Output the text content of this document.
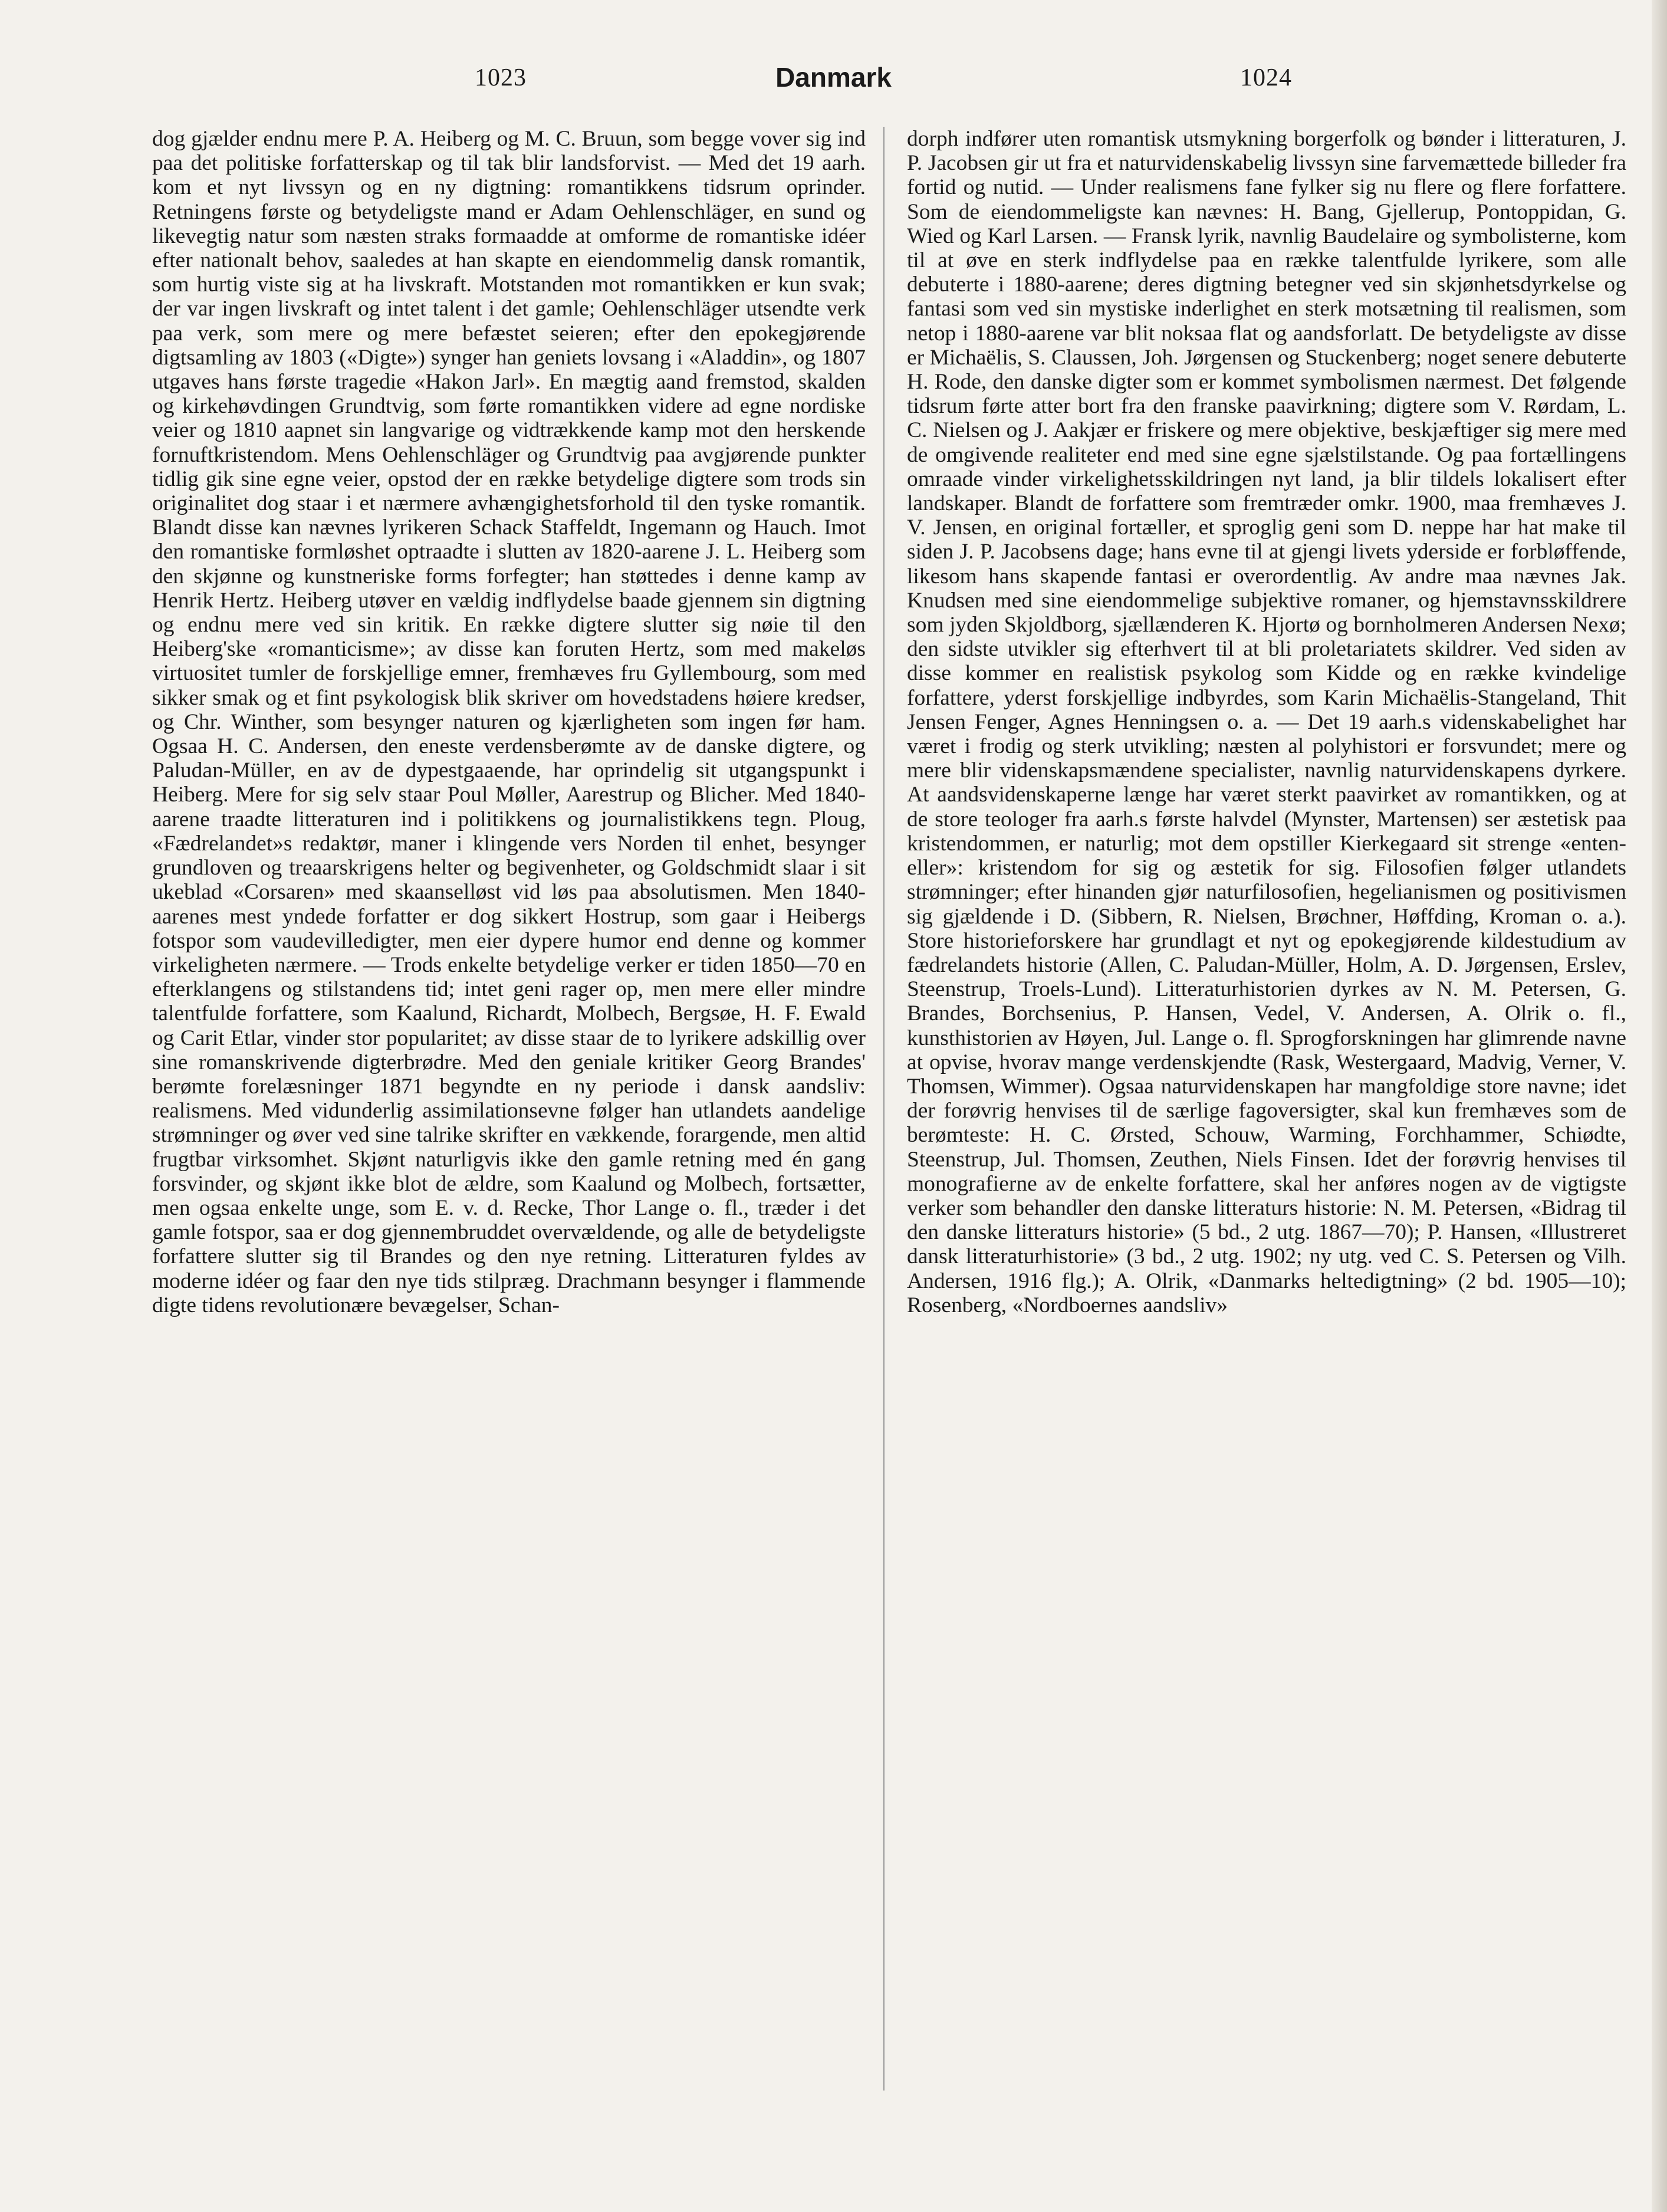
1023	Danmark	1024

dog gjælder endnu mere P. A. Heiberg og M. C. Bruun, som begge vover sig ind paa det politiske forfatterskap og til tak blir landsforvist. — Med det 19 aarh. kom et nyt livssyn og en ny digtning: romantikkens tidsrum oprinder. Retningens første og betydeligste mand er Adam Oehlenschläger, en sund og likevegtig natur som næsten straks formaadde at omforme de romantiske idéer efter nationalt behov, saaledes at han skapte en eiendommelig dansk romantik, som hurtig viste sig at ha livskraft. Motstanden mot romantikken er kun svak; der var ingen livskraft og intet talent i det gamle; Oehlenschläger utsendte verk paa verk, som mere og mere befæstet seieren; efter den epokegjørende digtsamling av 1803 («Digte») synger han geniets lovsang i «Aladdin», og 1807 utgaves hans første tragedie «Hakon Jarl». En mægtig aand fremstod, skalden og kirkehøvdingen Grundtvig, som førte romantikken videre ad egne nordiske veier og 1810 aapnet sin langvarige og vidtrækkende kamp mot den herskende fornuftkristendom. Mens Oehlenschläger og Grundtvig paa avgjørende punkter tidlig gik sine egne veier, opstod der en række betydelige digtere som trods sin originalitet dog staar i et nærmere avhængighetsforhold til den tyske romantik. Blandt disse kan nævnes lyrikeren Schack Staffeldt, Ingemann og Hauch. Imot den romantiske formløshet optraadte i slutten av 1820-aarene J. L. Heiberg som den skjønne og kunstneriske forms forfegter; han støttedes i denne kamp av Henrik Hertz. Heiberg utøver en vældig indflydelse baade gjennem sin digtning og endnu mere ved sin kritik. En række digtere slutter sig nøie til den Heiberg'ske «romanticisme»; av disse kan foruten Hertz, som med makeløs virtuositet tumler de forskjellige emner, fremhæves fru Gyllembourg, som med sikker smak og et fint psykologisk blik skriver om hovedstadens høiere kredser, og Chr. Winther, som besynger naturen og kjærligheten som ingen før ham. Ogsaa H. C. Andersen, den eneste verdensberømte av de danske digtere, og Paludan-Müller, en av de dypestgaaende, har oprindelig sit utgangspunkt i Heiberg. Mere for sig selv staar Poul Møller, Aarestrup og Blicher. Med 1840-aarene traadte litteraturen ind i politikkens og journalistikkens tegn. Ploug, «Fædrelandet»s redaktør, maner i klingende vers Norden til enhet, besynger grundloven og treaarskrigens helter og begivenheter, og Goldschmidt slaar i sit ukeblad «Corsaren» med skaanselløst vid løs paa absolutismen. Men 1840-aarenes mest yndede forfatter er dog sikkert Hostrup, som gaar i Heibergs fotspor som vaudevilledigter, men eier dypere humor end denne og kommer virkeligheten nærmere. — Trods enkelte betydelige verker er tiden 1850—70 en efterklangens og stilstandens tid; intet geni rager op, men mere eller mindre talentfulde forfattere, som Kaalund, Richardt, Molbech, Bergsøe, H. F. Ewald og Carit Etlar, vinder stor popularitet; av disse staar de to lyrikere adskillig over sine romanskrivende digterbrødre. Med den geniale kritiker Georg Brandes' berømte forelæsninger 1871 begyndte en ny periode i dansk aandsliv: realismens. Med vidunderlig assimilationsevne følger han utlandets aandelige strømninger og øver ved sine talrike skrifter en vækkende, forargende, men altid frugtbar virksomhet. Skjønt naturligvis ikke den gamle retning med én gang forsvinder, og skjønt ikke blot de ældre, som Kaalund og Molbech, fortsætter, men ogsaa enkelte unge, som E. v. d. Recke, Thor Lange o. fl., træder i det gamle fotspor, saa er dog gjennembruddet overvældende, og alle de betydeligste forfattere slutter sig til Brandes og den nye retning. Litteraturen fyldes av moderne idéer og faar den nye tids stilpræg. Drachmann besynger i flammende digte tidens revolutionære bevægelser, Schan-

dorph indfører uten romantisk utsmykning borgerfolk og bønder i litteraturen, J. P. Jacobsen gir ut fra et naturvidenskabelig livssyn sine farvemættede billeder fra fortid og nutid. — Under realismens fane fylker sig nu flere og flere forfattere. Som de eiendommeligste kan nævnes: H. Bang, Gjellerup, Pontoppidan, G. Wied og Karl Larsen. — Fransk lyrik, navnlig Baudelaire og symbolisterne, kom til at øve en sterk indflydelse paa en række talentfulde lyrikere, som alle debuterte i 1880-aarene; deres digtning betegner ved sin skjønhetsdyrkelse og fantasi som ved sin mystiske inderlighet en sterk motsætning til realismen, som netop i 1880-aarene var blit noksaa flat og aandsforlatt. De betydeligste av disse er Michaëlis, S. Claussen, Joh. Jørgensen og Stuckenberg; noget senere debuterte H. Rode, den danske digter som er kommet symbolismen nærmest. Det følgende tidsrum førte atter bort fra den franske paavirkning; digtere som V. Rørdam, L. C. Nielsen og J. Aakjær er friskere og mere objektive, beskjæftiger sig mere med de omgivende realiteter end med sine egne sjælstilstande. Og paa fortællingens omraade vinder virkelighetsskildringen nyt land, ja blir tildels lokalisert efter landskaper. Blandt de forfattere som fremtræder omkr. 1900, maa fremhæves J. V. Jensen, en original fortæller, et sproglig geni som D. neppe har hat make til siden J. P. Jacobsens dage; hans evne til at gjengi livets yderside er forbløffende, likesom hans skapende fantasi er overordentlig. Av andre maa nævnes Jak. Knudsen med sine eiendommelige subjektive romaner, og hjemstavnsskildrere som jyden Skjoldborg, sjællænderen K. Hjortø og bornholmeren Andersen Nexø; den sidste utvikler sig efterhvert til at bli proletariatets skildrer. Ved siden av disse kommer en realistisk psykolog som Kidde og en række kvindelige forfattere, yderst forskjellige indbyrdes, som Karin Michaëlis-Stangeland, Thit Jensen Fenger, Agnes Henningsen o. a. — Det 19 aarh.s videnskabelighet har været i frodig og sterk utvikling; næsten al polyhistori er forsvundet; mere og mere blir videnskapsmændene specialister, navnlig naturvidenskapens dyrkere. At aandsvidenskaperne længe har været sterkt paavirket av romantikken, og at de store teologer fra aarh.s første halvdel (Mynster, Martensen) ser æstetisk paa kristendommen, er naturlig; mot dem opstiller Kierkegaard sit strenge «enten-eller»: kristendom for sig og æstetik for sig. Filosofien følger utlandets strømninger; efter hinanden gjør naturfilosofien, hegelianismen og positivismen sig gjældende i D. (Sibbern, R. Nielsen, Brøchner, Høffding, Kroman o. a.). Store historieforskere har grundlagt et nyt og epokegjørende kildestudium av fædrelandets historie (Allen, C. Paludan-Müller, Holm, A. D. Jørgensen, Erslev, Steenstrup, Troels-Lund). Litteraturhistorien dyrkes av N. M. Petersen, G. Brandes, Borchsenius, P. Hansen, Vedel, V. Andersen, A. Olrik o. fl., kunsthistorien av Høyen, Jul. Lange o. fl. Sprogforskningen har glimrende navne at opvise, hvorav mange verdenskjendte (Rask, Westergaard, Madvig, Verner, V. Thomsen, Wimmer). Ogsaa naturvidenskapen har mangfoldige store navne; idet der forøvrig henvises til de særlige fagoversigter, skal kun fremhæves som de berømteste: H. C. Ørsted, Schouw, Warming, Forchhammer, Schiødte, Steenstrup, Jul. Thomsen, Zeuthen, Niels Finsen. Idet der forøvrig henvises til monografierne av de enkelte forfattere, skal her anføres nogen av de vigtigste verker som behandler den danske litteraturs historie: N. M. Petersen, «Bidrag til den danske litteraturs historie» (5 bd., 2 utg. 1867—70); P. Hansen, «Illustreret dansk litteraturhistorie» (3 bd., 2 utg. 1902; ny utg. ved C. S. Petersen og Vilh. Andersen, 1916 flg.); A. Olrik, «Danmarks heltedigtning» (2 bd. 1905—10); Rosenberg, «Nordboernes aandsliv»
